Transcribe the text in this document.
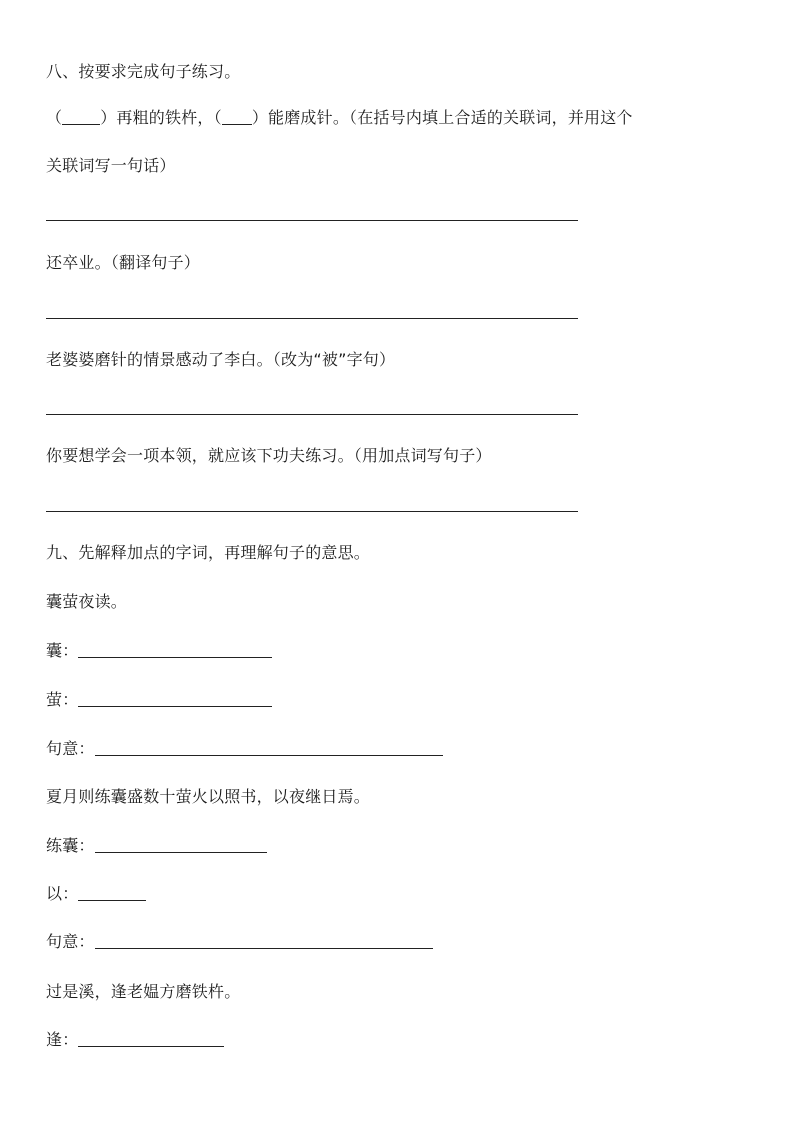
八、按要求完成句子练习。
（ ）再粗的铁杵，（ ）能磨成针。（在括号内填上合适的关联词，并用这个
关联词写一句话）
还卒业。（翻译句子）
老婆婆磨针的情景感动了李白。（改为“被”字句）
你要想学会一项本领，就应该下功夫练习。（用加点词写句子）
九、先解释加点的字词，再理解句子的意思。
囊萤夜读。
囊：
萤：
句意：
夏月则练囊盛数十萤火以照书，以夜继日焉。
练囊：
以：
句意：
过是溪，逢老媪方磨铁杵。
逢：
